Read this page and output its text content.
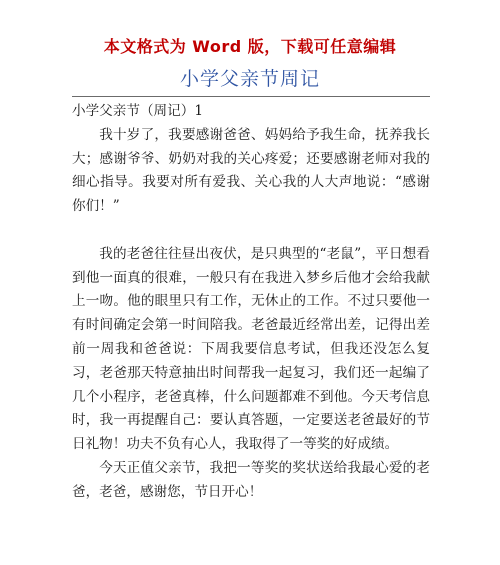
本文格式为 Word 版，下载可任意编辑
小学父亲节周记

小学父亲节（周记）1

我十岁了，我要感谢爸爸、妈妈给予我生命，抚养我长大；感谢爷爷、奶奶对我的关心疼爱；还要感谢老师对我的细心指导。我要对所有爱我、关心我的人大声地说：“感谢你们！”

我的老爸往往昼出夜伏，是只典型的“老鼠”，平日想看到他一面真的很难，一般只有在我进入梦乡后他才会给我献上一吻。他的眼里只有工作，无休止的工作。不过只要他一有时间确定会第一时间陪我。老爸最近经常出差，记得出差前一周我和爸爸说：下周我要信息考试，但我还没怎么复习，老爸那天特意抽出时间帮我一起复习，我们还一起编了几个小程序，老爸真棒，什么问题都难不到他。今天考信息时，我一再提醒自己：要认真答题，一定要送老爸最好的节日礼物！功夫不负有心人，我取得了一等奖的好成绩。

今天正值父亲节，我把一等奖的奖状送给我最心爱的老爸，老爸，感谢您，节日开心！
